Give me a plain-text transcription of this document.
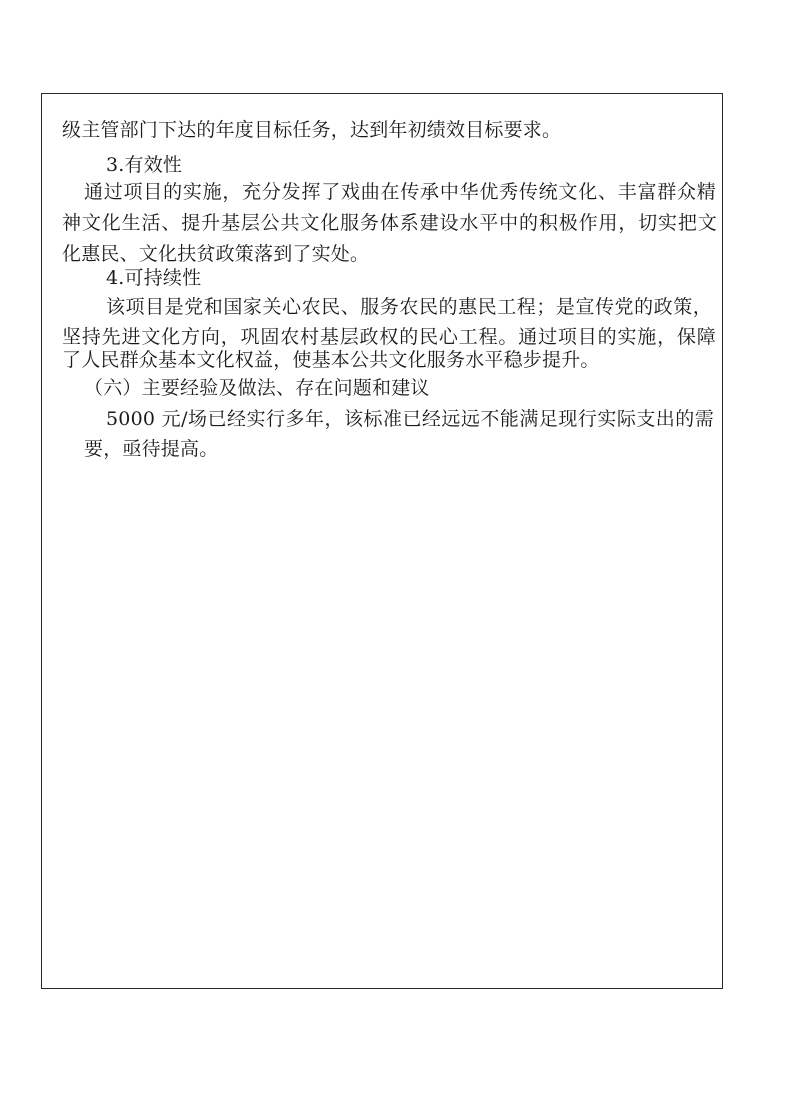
级主管部门下达的年度目标任务，达到年初绩效目标要求。
3.有效性
通过项目的实施，充分发挥了戏曲在传承中华优秀传统文化、丰富群众精
神文化生活、提升基层公共文化服务体系建设水平中的积极作用，切实把文
化惠民、文化扶贫政策落到了实处。
4.可持续性
该项目是党和国家关心农民、服务农民的惠民工程；是宣传党的政策，
坚持先进文化方向，巩固农村基层政权的民心工程。通过项目的实施，保障
了人民群众基本文化权益，使基本公共文化服务水平稳步提升。
（六）主要经验及做法、存在问题和建议
5000 元/场已经实行多年，该标准已经远远不能满足现行实际支出的需
要，亟待提高。
